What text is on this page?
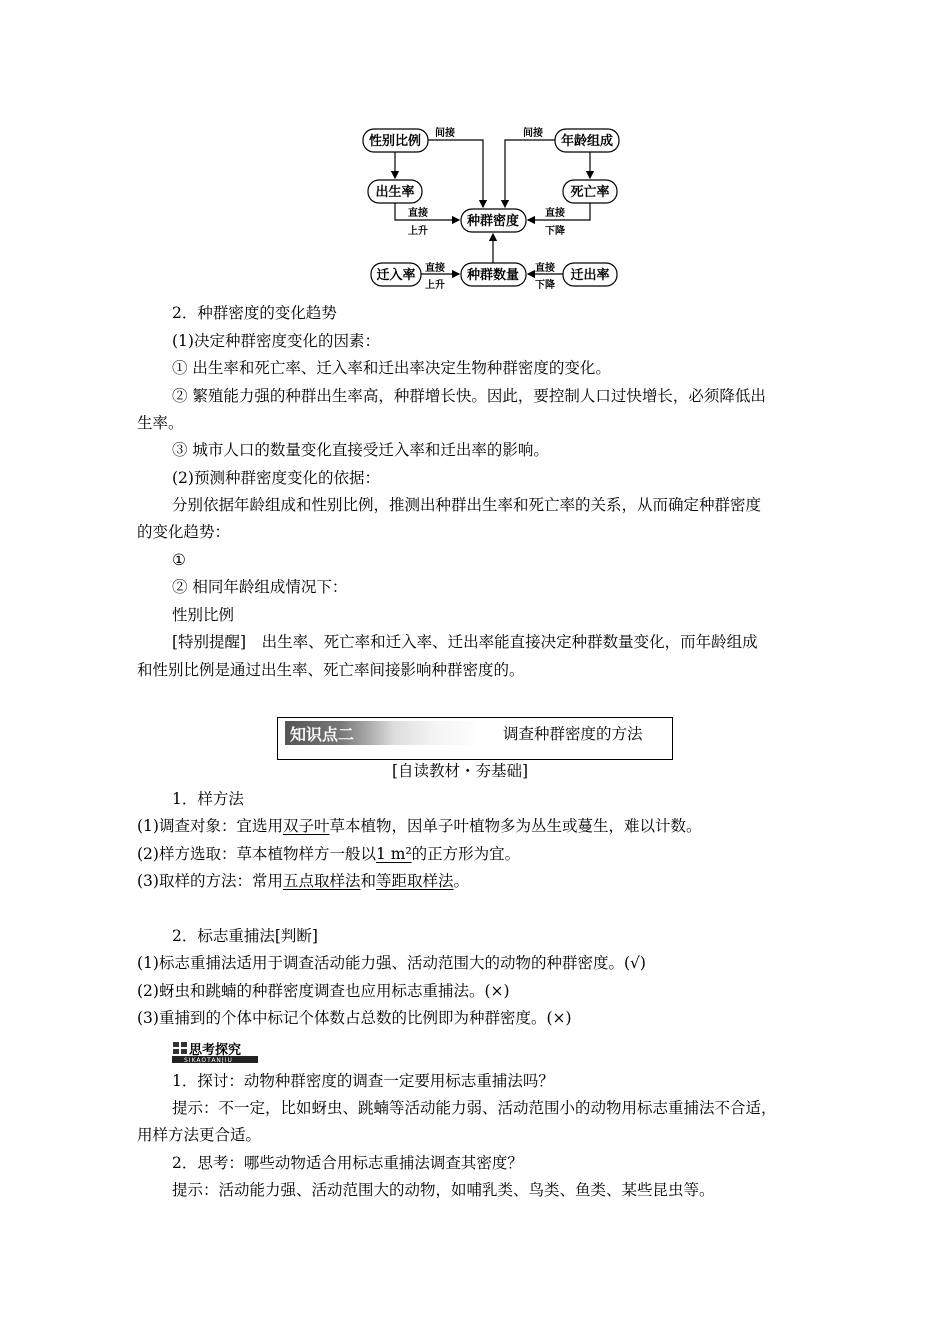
性别比例	年龄组成
出生率	死亡率
种群密度
迁入率	种群数量	迁出率
间接	间接
直接
上升
直接
下降
直接
上升
直接
下降
2．种群密度的变化趋势
(1)决定种群密度变化的因素：
① 出生率和死亡率、迁入率和迁出率决定生物种群密度的变化。
② 繁殖能力强的种群出生率高，种群增长快。因此，要控制人口过快增长，必须降低出
生率。
③ 城市人口的数量变化直接受迁入率和迁出率的影响。
(2)预测种群密度变化的依据：
分别依据年龄组成和性别比例，推测出种群出生率和死亡率的关系，从而确定种群密度
的变化趋势：
①
② 相同年龄组成情况下：
性别比例
[特别提醒]　出生率、死亡率和迁入率、迁出率能直接决定种群数量变化，而年龄组成
和性别比例是通过出生率、死亡率间接影响种群密度的。
知识点二	调查种群密度的方法
[自读教材・夯基础]
1．样方法
(1)调查对象：宜选用双子叶草本植物，因单子叶植物多为丛生或蔓生，难以计数。
(2)样方选取：草本植物样方一般以1 m²的正方形为宜。
(3)取样的方法：常用五点取样法和等距取样法。
2．标志重捕法[判断]
(1)标志重捕法适用于调查活动能力强、活动范围大的动物的种群密度。(√)
(2)蚜虫和跳蝻的种群密度调查也应用标志重捕法。(×)
(3)重捕到的个体中标记个体数占总数的比例即为种群密度。(×)
思考探究
SIKAOTANJIU
1．探讨：动物种群密度的调查一定要用标志重捕法吗？
提示：不一定，比如蚜虫、跳蝻等活动能力弱、活动范围小的动物用标志重捕法不合适，
用样方法更合适。
2．思考：哪些动物适合用标志重捕法调查其密度？
提示：活动能力强、活动范围大的动物，如哺乳类、鸟类、鱼类、某些昆虫等。
